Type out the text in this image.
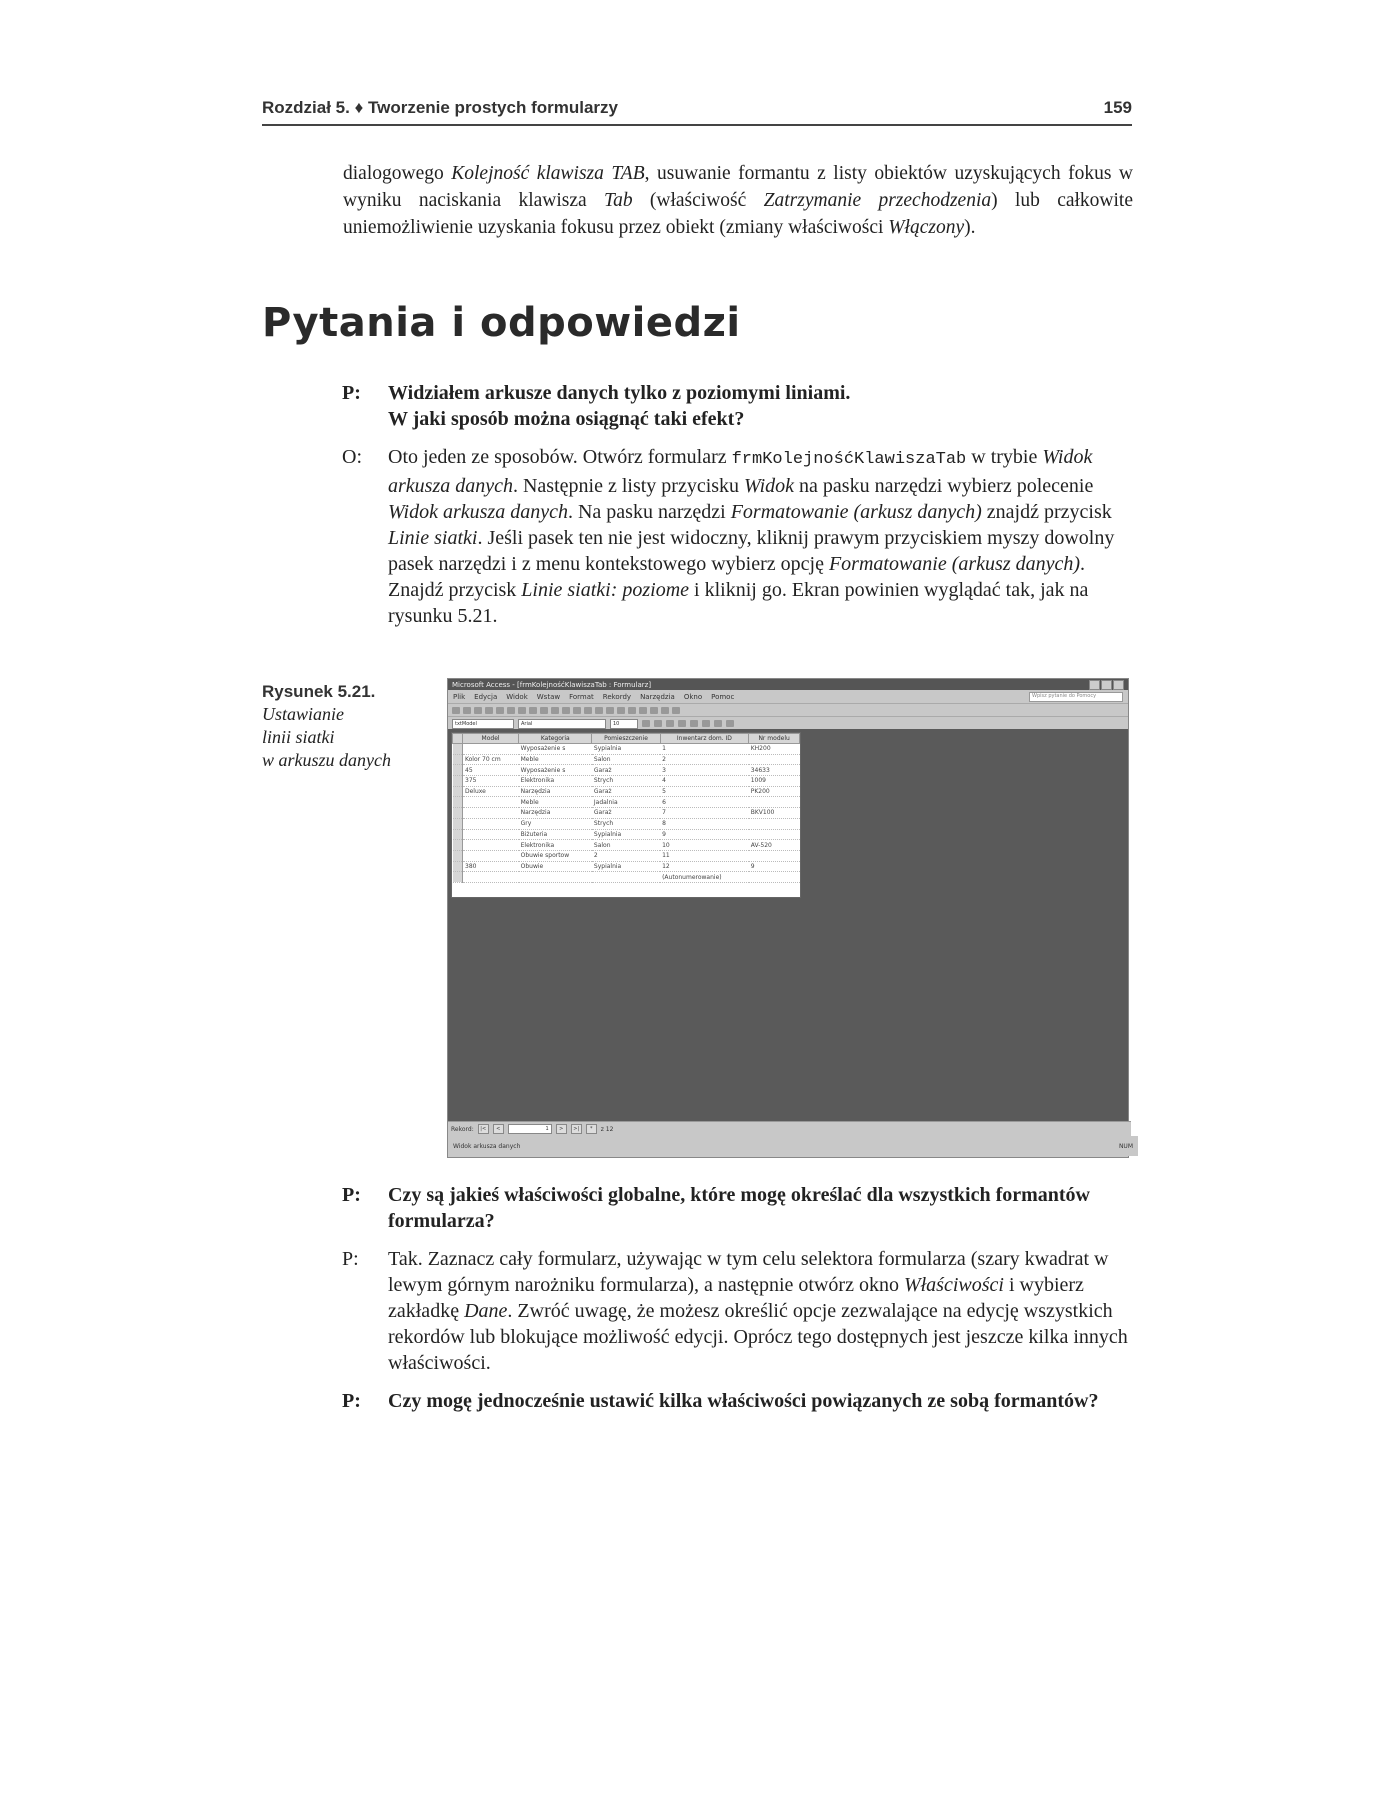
Rozdział 5. ♦ Tworzenie prostych formularzy	159

dialogowego Kolejność klawisza TAB, usuwanie formantu z listy obiektów uzyskujących fokus w wyniku naciskania klawisza Tab (właściwość Zatrzymanie przechodzenia) lub całkowite uniemożliwienie uzyskania fokusu przez obiekt (zmiany właściwości Włączony).

Pytania i odpowiedzi
P:	Widziałem arkusze danych tylko z poziomymi liniami.
W jaki sposób można osiągnąć taki efekt?
O:	Oto jeden ze sposobów. Otwórz formularz frmKolejnośćKlawiszaTab w trybie Widok arkusza danych. Następnie z listy przycisku Widok na pasku narzędzi wybierz polecenie Widok arkusza danych. Na pasku narzędzi Formatowanie (arkusz danych) znajdź przycisk Linie siatki. Jeśli pasek ten nie jest widoczny, kliknij prawym przyciskiem myszy dowolny pasek narzędzi i z menu kontekstowego wybierz opcję Formatowanie (arkusz danych). Znajdź przycisk Linie siatki: poziome i kliknij go. Ekran powinien wyglądać tak, jak na rysunku 5.21.
Rysunek 5.21.
Ustawianie
linii siatki
w arkuszu danych
Microsoft Access - [frmKolejnośćKlawiszaTab : Formularz]
Plik Edycja Widok Wstaw Format Rekordy Narzędzia Okno Pomoc	Wpisz pytanie do Pomocy
txtModel	Arial	10
	Model	Kategoria	Pomieszczenie	Inwentarz dom. ID	Nr modelu
		Wyposażenie s	Sypialnia	1	KH200
	Kolor 70 cm	Meble	Salon	2	
	45	Wyposażenie s	Garaż	3	34633
	375	Elektronika	Strych	4	1009
	Deluxe	Narzędzia	Garaż	5	PK200
		Meble	Jadalnia	6	
		Narzędzia	Garaż	7	BKV100
		Gry	Strych	8	
		Biżuteria	Sypialnia	9	
		Elektronika	Salon	10	AV-520
		Obuwie sportow	2	11	
	380	Obuwie	Sypialnia	12	9
				(Autonumerowanie)	
Rekord:	|<	<	1	>	>|	*	z 12
Widok arkusza danych	NUM
P:	Czy są jakieś właściwości globalne, które mogę określać dla wszystkich formantów formularza?
P:	Tak. Zaznacz cały formularz, używając w tym celu selektora formularza (szary kwadrat w lewym górnym narożniku formularza), a następnie otwórz okno Właściwości i wybierz zakładkę Dane. Zwróć uwagę, że możesz określić opcje zezwalające na edycję wszystkich rekordów lub blokujące możliwość edycji. Oprócz tego dostępnych jest jeszcze kilka innych właściwości.
P:	Czy mogę jednocześnie ustawić kilka właściwości powiązanych ze sobą formantów?
